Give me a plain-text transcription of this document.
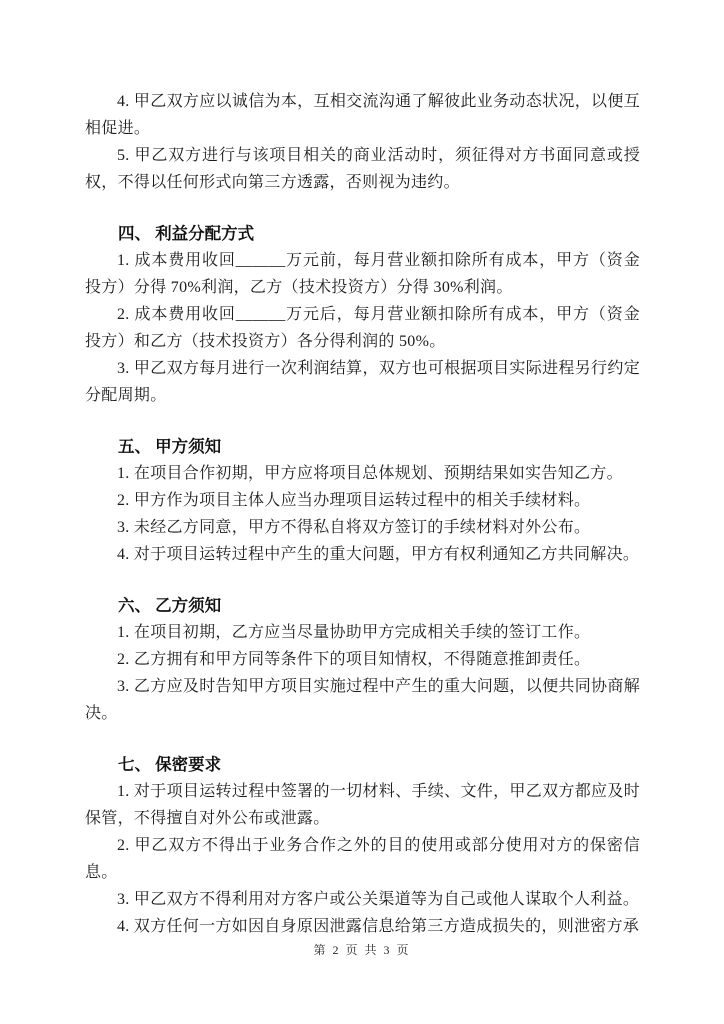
4. 甲乙双方应以诚信为本，互相交流沟通了解彼此业务动态状况，以便互相促进。

5. 甲乙双方进行与该项目相关的商业活动时，须征得对方书面同意或授权，不得以任何形式向第三方透露，否则视为违约。

四、 利益分配方式

1. 成本费用收回______万元前，每月营业额扣除所有成本，甲方（资金投方）分得 70%利润，乙方（技术投资方）分得 30%利润。

2. 成本费用收回______万元后，每月营业额扣除所有成本，甲方（资金投方）和乙方（技术投资方）各分得利润的 50%。

3. 甲乙双方每月进行一次利润结算，双方也可根据项目实际进程另行约定分配周期。

五、 甲方须知

1. 在项目合作初期，甲方应将项目总体规划、预期结果如实告知乙方。

2. 甲方作为项目主体人应当办理项目运转过程中的相关手续材料。

3. 未经乙方同意，甲方不得私自将双方签订的手续材料对外公布。

4. 对于项目运转过程中产生的重大问题，甲方有权利通知乙方共同解决。

六、 乙方须知

1. 在项目初期，乙方应当尽量协助甲方完成相关手续的签订工作。

2. 乙方拥有和甲方同等条件下的项目知情权，不得随意推卸责任。

3. 乙方应及时告知甲方项目实施过程中产生的重大问题，以便共同协商解决。

七、 保密要求

1. 对于项目运转过程中签署的一切材料、手续、文件，甲乙双方都应及时保管，不得擅自对外公布或泄露。

2. 甲乙双方不得出于业务合作之外的目的使用或部分使用对方的保密信息。

3. 甲乙双方不得利用对方客户或公关渠道等为自己或他人谋取个人利益。

4. 双方任何一方如因自身原因泄露信息给第三方造成损失的，则泄密方承

第 2 页 共 3 页
